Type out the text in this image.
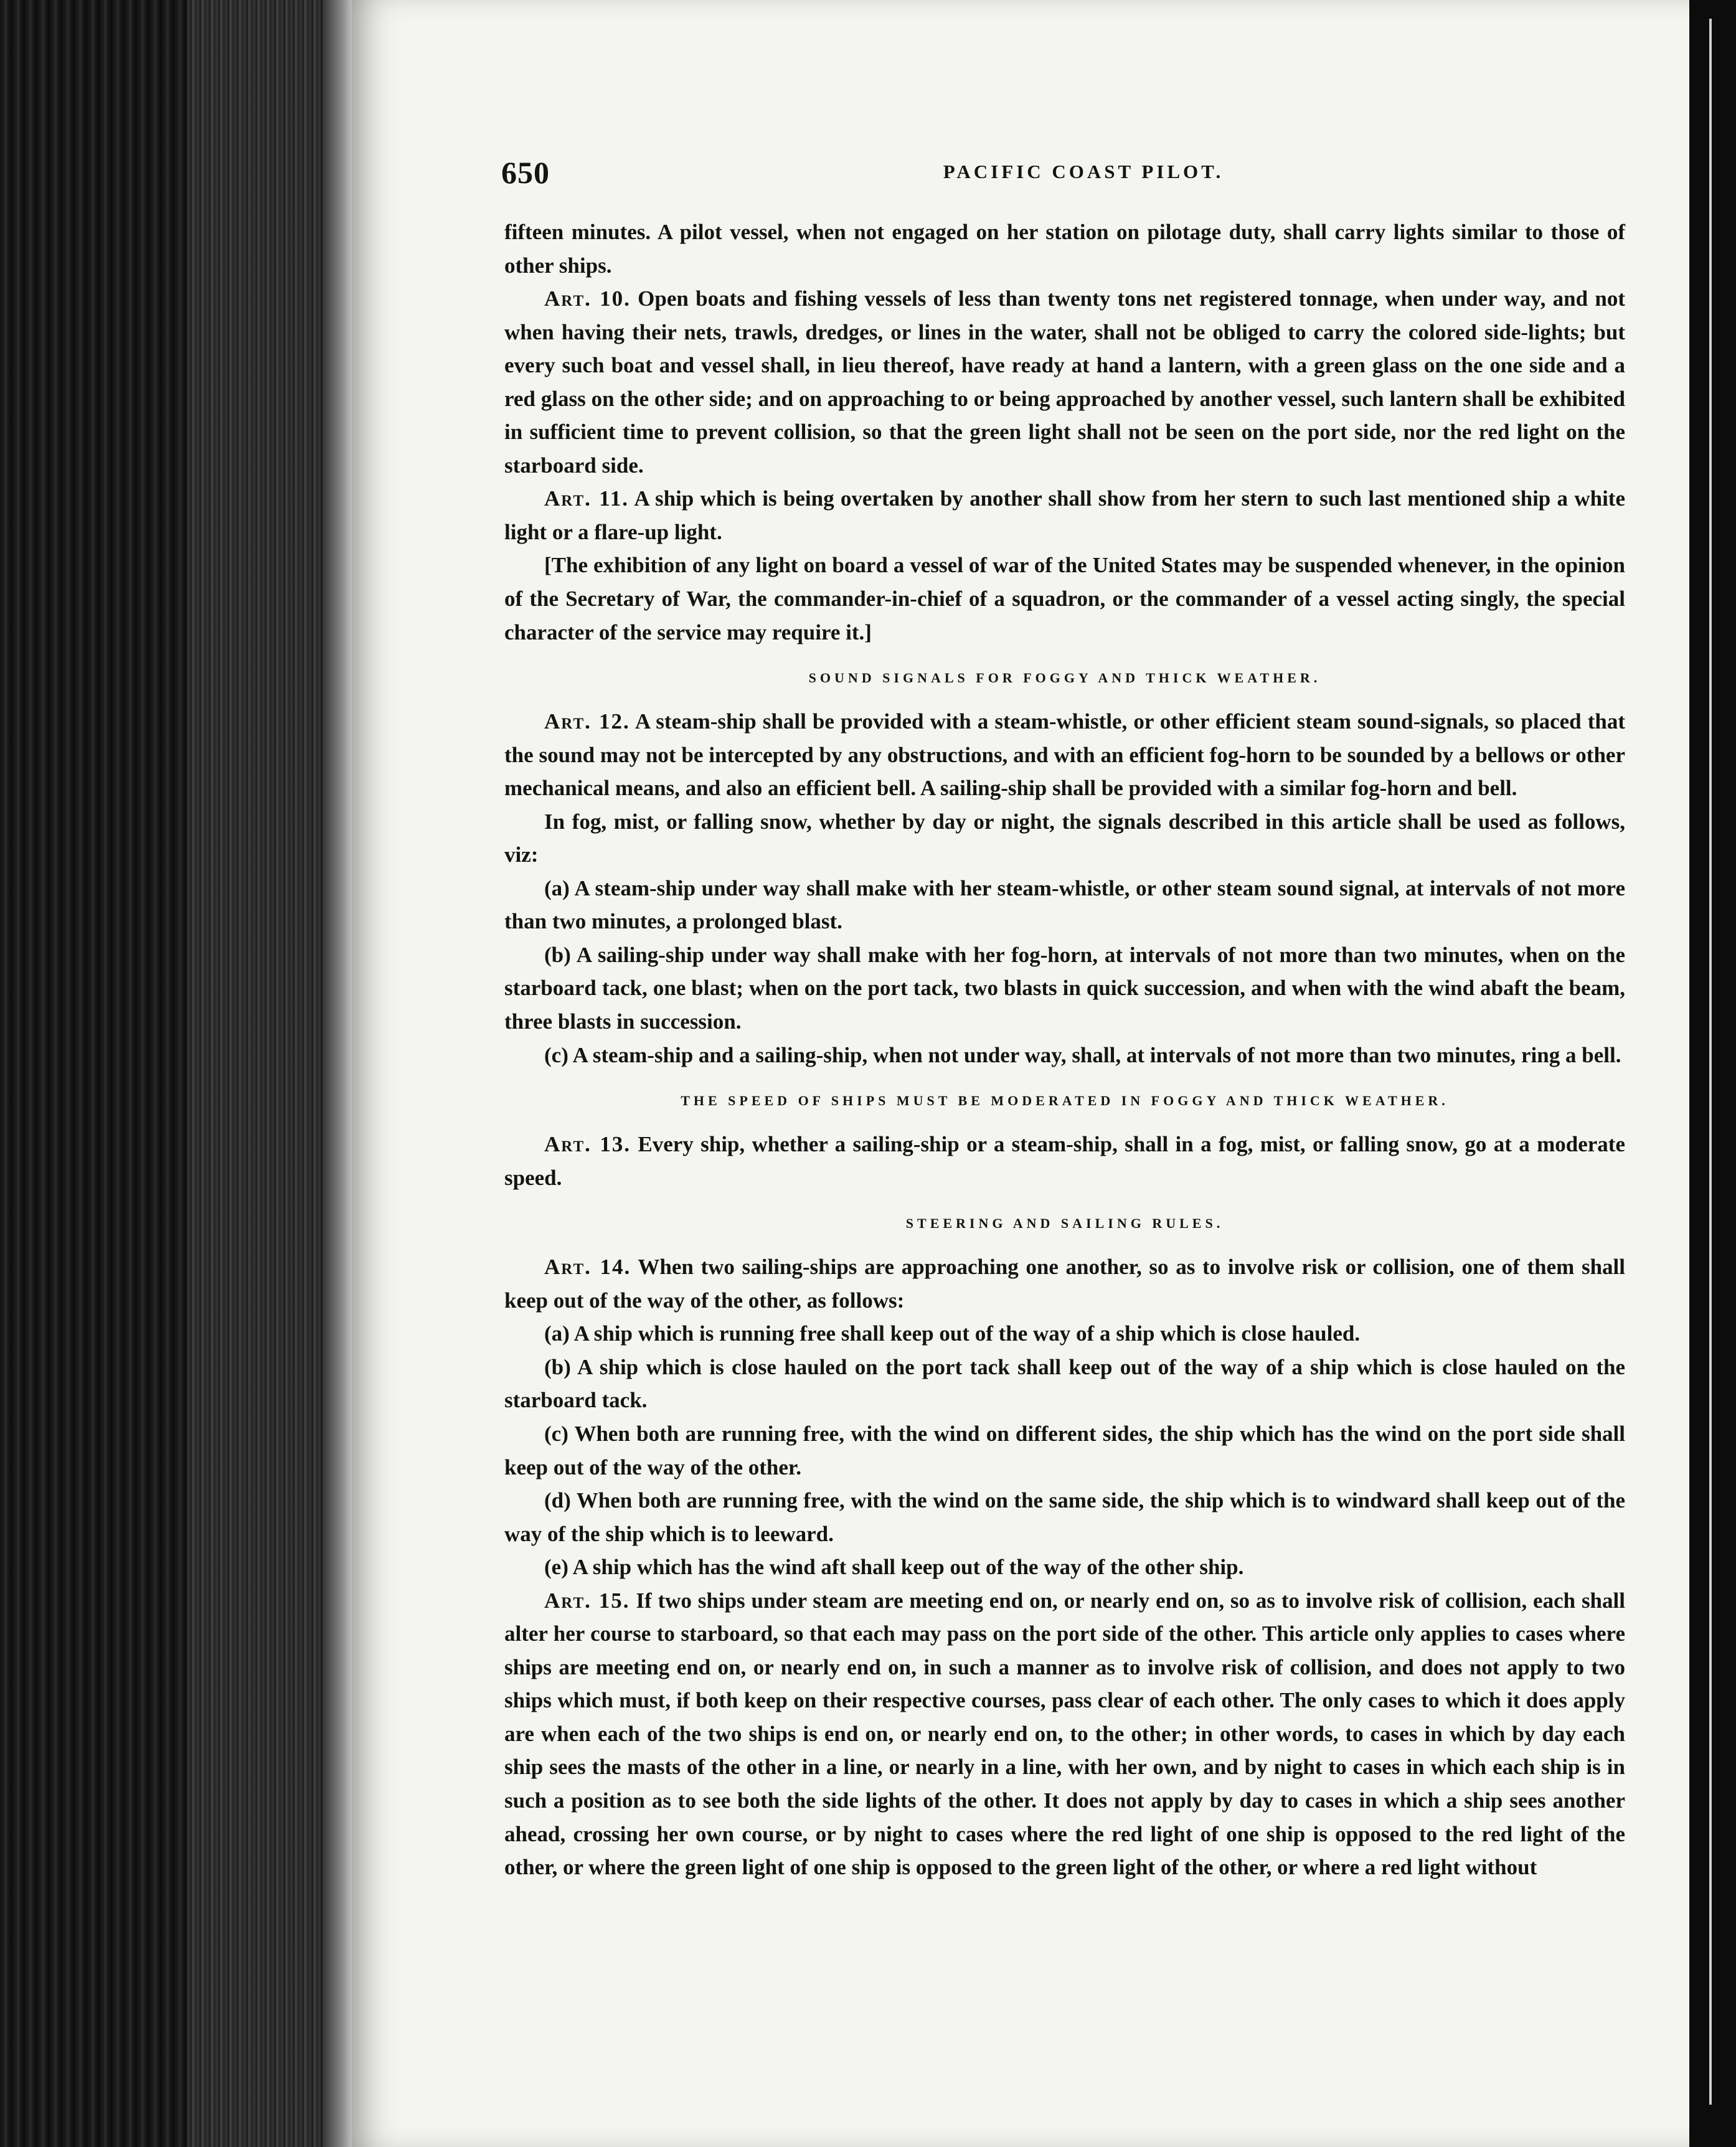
650	PACIFIC COAST PILOT.

fifteen minutes. A pilot vessel, when not engaged on her station on pilotage duty, shall carry lights similar to those of other ships.

Art. 10. Open boats and fishing vessels of less than twenty tons net registered tonnage, when under way, and not when having their nets, trawls, dredges, or lines in the water, shall not be obliged to carry the colored side-lights; but every such boat and vessel shall, in lieu thereof, have ready at hand a lantern, with a green glass on the one side and a red glass on the other side; and on approaching to or being approached by another vessel, such lantern shall be exhibited in sufficient time to prevent collision, so that the green light shall not be seen on the port side, nor the red light on the starboard side.

Art. 11. A ship which is being overtaken by another shall show from her stern to such last mentioned ship a white light or a flare-up light.

[The exhibition of any light on board a vessel of war of the United States may be suspended whenever, in the opinion of the Secretary of War, the commander-in-chief of a squadron, or the commander of a vessel acting singly, the special character of the service may require it.]

SOUND SIGNALS FOR FOGGY AND THICK WEATHER.

Art. 12. A steam-ship shall be provided with a steam-whistle, or other efficient steam sound-signals, so placed that the sound may not be intercepted by any obstructions, and with an efficient fog-horn to be sounded by a bellows or other mechanical means, and also an efficient bell. A sailing-ship shall be provided with a similar fog-horn and bell.

In fog, mist, or falling snow, whether by day or night, the signals described in this article shall be used as follows, viz:

(a) A steam-ship under way shall make with her steam-whistle, or other steam sound signal, at intervals of not more than two minutes, a prolonged blast.

(b) A sailing-ship under way shall make with her fog-horn, at intervals of not more than two minutes, when on the starboard tack, one blast; when on the port tack, two blasts in quick succession, and when with the wind abaft the beam, three blasts in succession.

(c) A steam-ship and a sailing-ship, when not under way, shall, at intervals of not more than two minutes, ring a bell.

THE SPEED OF SHIPS MUST BE MODERATED IN FOGGY AND THICK WEATHER.

Art. 13. Every ship, whether a sailing-ship or a steam-ship, shall in a fog, mist, or falling snow, go at a moderate speed.

STEERING AND SAILING RULES.

Art. 14. When two sailing-ships are approaching one another, so as to involve risk or collision, one of them shall keep out of the way of the other, as follows:

(a) A ship which is running free shall keep out of the way of a ship which is close hauled.

(b) A ship which is close hauled on the port tack shall keep out of the way of a ship which is close hauled on the starboard tack.

(c) When both are running free, with the wind on different sides, the ship which has the wind on the port side shall keep out of the way of the other.

(d) When both are running free, with the wind on the same side, the ship which is to windward shall keep out of the way of the ship which is to leeward.

(e) A ship which has the wind aft shall keep out of the way of the other ship.

Art. 15. If two ships under steam are meeting end on, or nearly end on, so as to involve risk of collision, each shall alter her course to starboard, so that each may pass on the port side of the other. This article only applies to cases where ships are meeting end on, or nearly end on, in such a manner as to involve risk of collision, and does not apply to two ships which must, if both keep on their respective courses, pass clear of each other. The only cases to which it does apply are when each of the two ships is end on, or nearly end on, to the other; in other words, to cases in which by day each ship sees the masts of the other in a line, or nearly in a line, with her own, and by night to cases in which each ship is in such a position as to see both the side lights of the other. It does not apply by day to cases in which a ship sees another ahead, crossing her own course, or by night to cases where the red light of one ship is opposed to the red light of the other, or where the green light of one ship is opposed to the green light of the other, or where a red light without
